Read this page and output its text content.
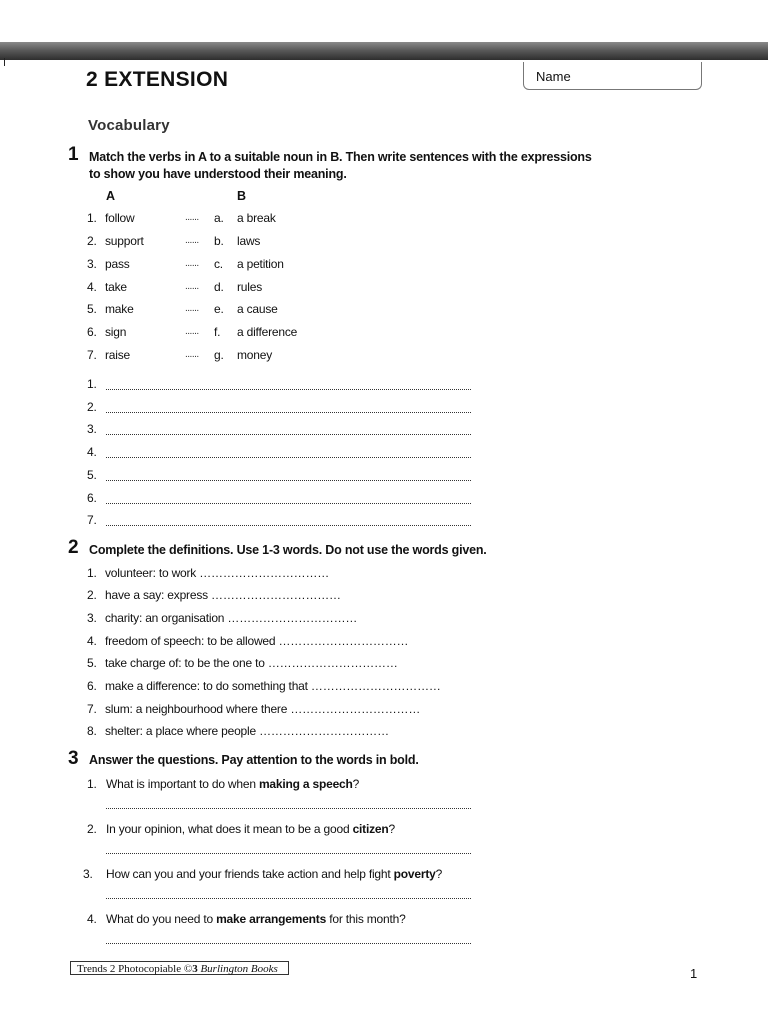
2 EXTENSION	Name
Vocabulary
1 Match the verbs in A to a suitable noun in B. Then write sentences with the expressions
to show you have understood their meaning.
A	B
1. follow	...... a. a break
2. support	...... b. laws
3. pass	...... c. a petition
4. take	...... d. rules
5. make	...... e. a cause
6. sign	...... f. a difference
7. raise	...... g. money
1.
2.
3.
4.
5.
6.
7.
2 Complete the definitions. Use 1-3 words. Do not use the words given.
1. volunteer: to work ……………………………
2. have a say: express ……………………………
3. charity: an organisation ……………………………
4. freedom of speech: to be allowed ……………………………
5. take charge of: to be the one to ……………………………
6. make a difference: to do something that ……………………………
7. slum: a neighbourhood where there ……………………………
8. shelter: a place where people ……………………………
3 Answer the questions. Pay attention to the words in bold.
1. What is important to do when making a speech?
2. In your opinion, what does it mean to be a good citizen?
3. How can you and your friends take action and help fight poverty?
4. What do you need to make arrangements for this month?
Trends 2 Photocopiable ©3 Burlington Books	1
